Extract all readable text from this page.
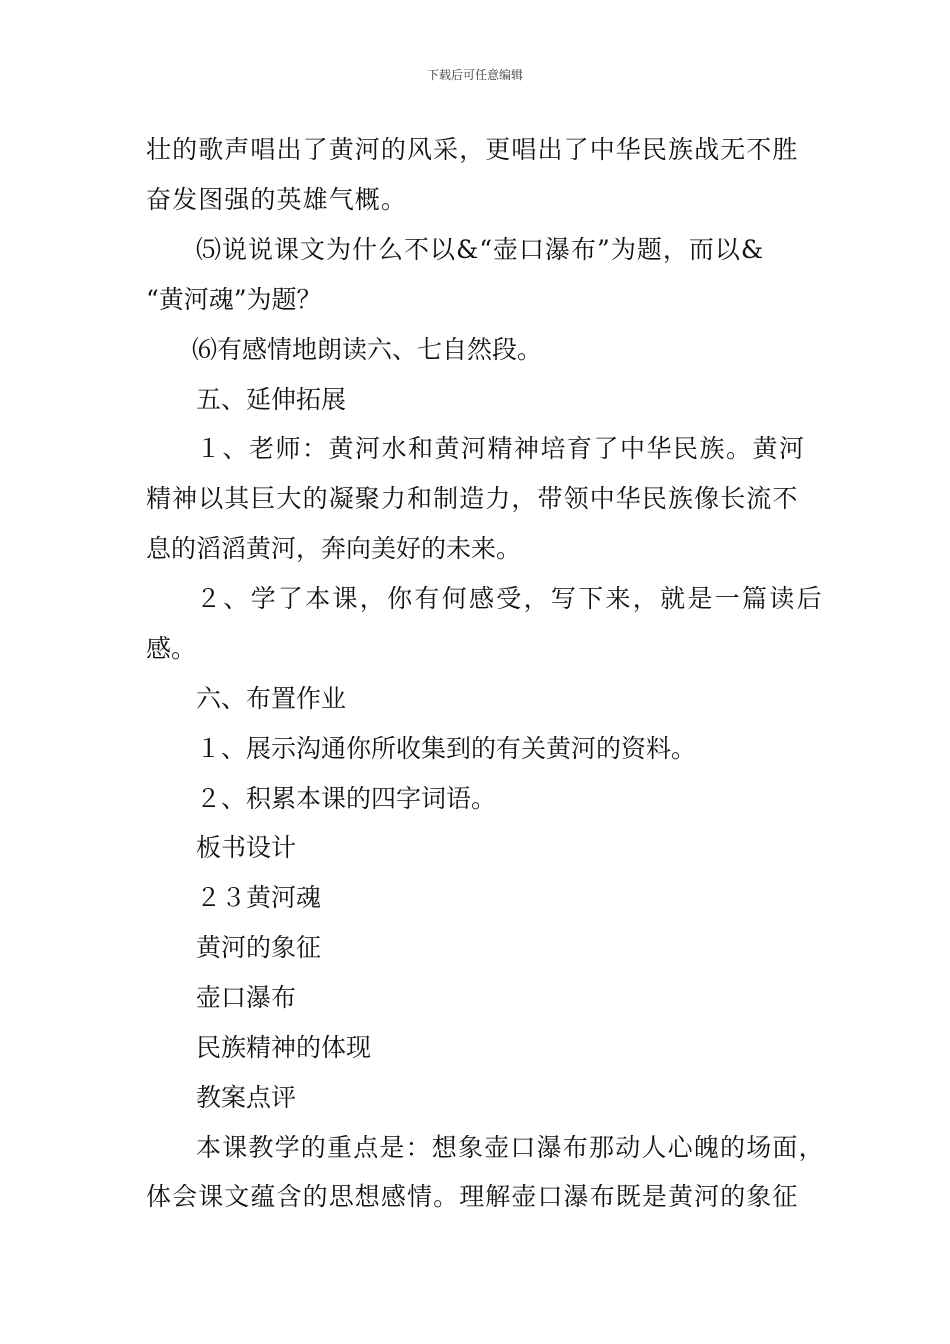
下载后可任意编辑
壮的歌声唱出了黄河的风采，更唱出了中华民族战无不胜
奋发图强的英雄气概。
⑸说说课文为什么不以&“壶口瀑布”为题，而以&
“黄河魂”为题？
⑹有感情地朗读六、七自然段。
五、延伸拓展
１、老师：黄河水和黄河精神培育了中华民族。黄河
精神以其巨大的凝聚力和制造力，带领中华民族像长流不
息的滔滔黄河，奔向美好的未来。
２、学了本课，你有何感受，写下来，就是一篇读后
感。
六、布置作业
１、展示沟通你所收集到的有关黄河的资料。
２、积累本课的四字词语。
板书设计
２３黄河魂
黄河的象征
壶口瀑布
民族精神的体现
教案点评
本课教学的重点是：想象壶口瀑布那动人心魄的场面，
体会课文蕴含的思想感情。理解壶口瀑布既是黄河的象征
